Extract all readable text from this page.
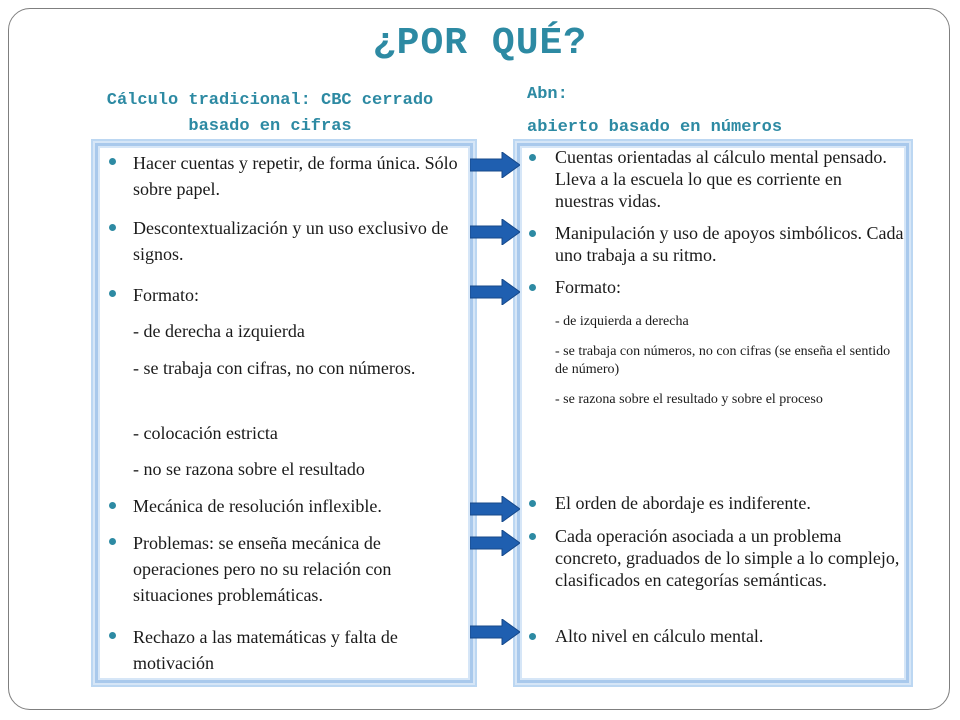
¿POR QUÉ?
Cálculo tradicional: CBC cerrado basado en cifras
Abn:
abierto basado en números
Hacer cuentas y repetir, de forma única. Sólo sobre papel.
Descontextualización y un uso exclusivo de signos.
Formato:
- de derecha a izquierda
- se trabaja con cifras, no con números.
- colocación estricta
- no se razona sobre el resultado
Mecánica de resolución inflexible.
Problemas: se enseña mecánica de operaciones pero no su relación con situaciones problemáticas.
Rechazo a las matemáticas y falta de motivación
Cuentas orientadas al cálculo mental pensado. Lleva a la escuela lo que es corriente en nuestras vidas.
Manipulación y uso de apoyos simbólicos. Cada uno trabaja a su ritmo.
Formato:
- de izquierda a derecha
- se trabaja con números, no con cifras (se enseña el sentido de número)
- se razona sobre el resultado y sobre el proceso
El orden de abordaje es indiferente.
Cada operación asociada a un problema concreto, graduados de lo simple a lo complejo, clasificados en categorías semánticas.
Alto nivel en cálculo mental.
